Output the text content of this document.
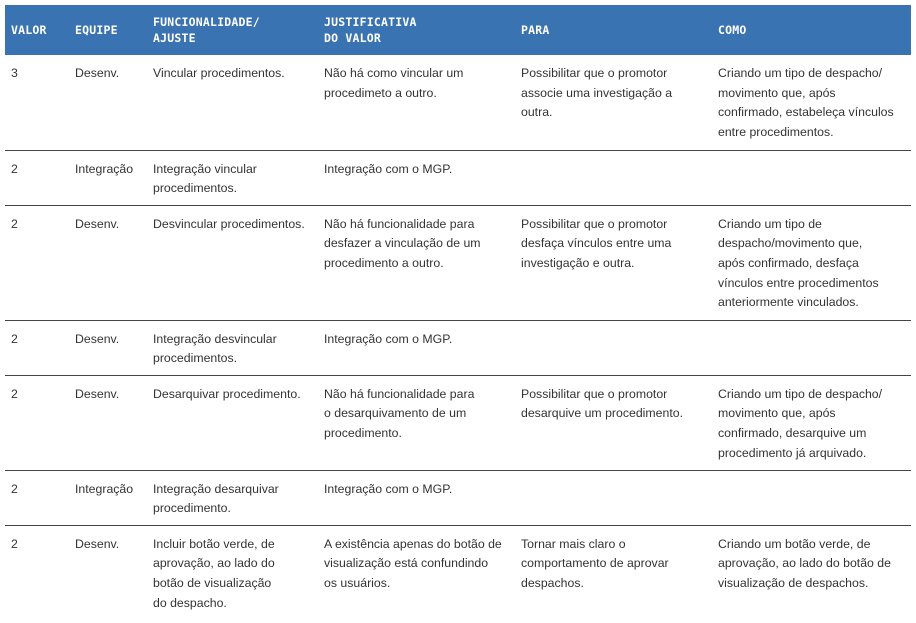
VALOR	EQUIPE	FUNCIONALIDADE/
AJUSTE	JUSTIFICATIVA
DO VALOR	PARA	COMO

3	Desenv.	Vincular procedimentos.	Não há como vincular um
procedimeto a outro.	Possibilitar que o promotor
associe uma investigação a
outra.	Criando um tipo de despacho/
movimento que, após
confirmado, estabeleça vínculos
entre procedimentos.
2	Integração	Integração vincular
procedimentos.	Integração com o MGP.		
2	Desenv.	Desvincular procedimentos.	Não há funcionalidade para
desfazer a vinculação de um
procedimento a outro.	Possibilitar que o promotor
desfaça vínculos entre uma
investigação e outra.	Criando um tipo de
despacho/movimento que,
após confirmado, desfaça
vínculos entre procedimentos
anteriormente vinculados.
2	Desenv.	Integração desvincular
procedimentos.	Integração com o MGP.		
2	Desenv.	Desarquivar procedimento.	Não há funcionalidade para
o desarquivamento de um
procedimento.	Possibilitar que o promotor
desarquive um procedimento.	Criando um tipo de despacho/
movimento que, após
confirmado, desarquive um
procedimento já arquivado.
2	Integração	Integração desarquivar
procedimento.	Integração com o MGP.		
2	Desenv.	Incluir botão verde, de
aprovação, ao lado do
botão de visualização
do despacho.	A existência apenas do botão de
visualização está confundindo
os usuários.	Tornar mais claro o
comportamento de aprovar
despachos.	Criando um botão verde, de
aprovação, ao lado do botão de
visualização de despachos.
